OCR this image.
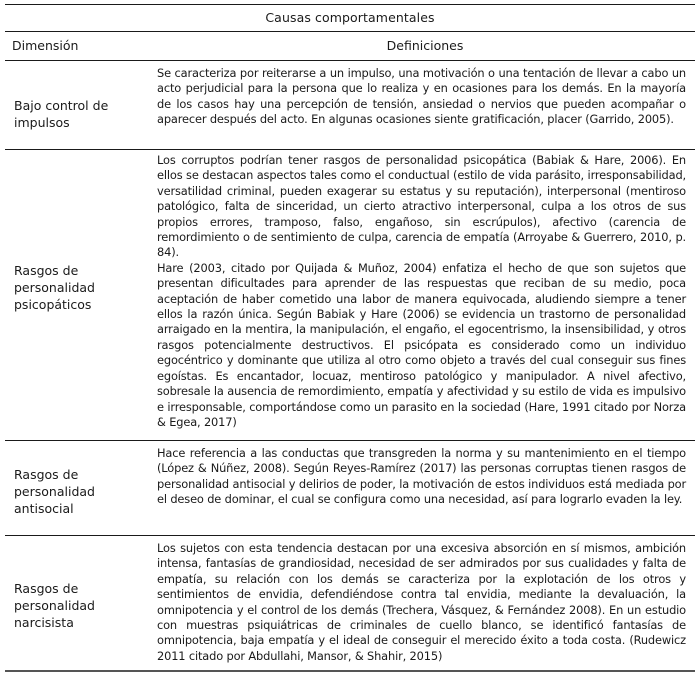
Causas comportamentales
Dimensión	Definiciones
Bajo control de impulsos

Se caracteriza por reiterarse a un impulso, una motivación o una tentación de llevar a cabo un acto perjudicial para la persona que lo realiza y en ocasiones para los demás. En la mayoría de los casos hay una percepción de tensión, ansiedad o nervios que pueden acompañar o aparecer después del acto. En algunas ocasiones siente gratificación, placer (Garrido, 2005).

Rasgos de personalidad psicopáticos

Los corruptos podrían tener rasgos de personalidad psicopática (Babiak & Hare, 2006). En ellos se destacan aspectos tales como el conductual (estilo de vida parásito, irresponsabilidad, versatilidad criminal, pueden exagerar su estatus y su reputación), interpersonal (mentiroso patológico, falta de sinceridad, un cierto atractivo interpersonal, culpa a los otros de sus propios errores, tramposo, falso, engañoso, sin escrúpulos), afectivo (carencia de remordimiento o de sentimiento de culpa, carencia de empatía (Arroyabe & Guerrero, 2010, p. 84).

Hare (2003, citado por Quijada & Muñoz, 2004) enfatiza el hecho de que son sujetos que presentan dificultades para aprender de las respuestas que reciban de su medio, poca aceptación de haber cometido una labor de manera equivocada, aludiendo siempre a tener ellos la razón única. Según Babiak y Hare (2006) se evidencia un trastorno de personalidad arraigado en la mentira, la manipulación, el engaño, el egocentrismo, la insensibilidad, y otros rasgos potencialmente destructivos. El psicópata es considerado como un individuo egocéntrico y dominante que utiliza al otro como objeto a través del cual conseguir sus fines egoístas. Es encantador, locuaz, mentiroso patológico y manipulador. A nivel afectivo, sobresale la ausencia de remordimiento, empatía y afectividad y su estilo de vida es impulsivo e irresponsable, comportándose como un parasito en la sociedad (Hare, 1991 citado por Norza & Egea, 2017)

Rasgos de personalidad antisocial

Hace referencia a las conductas que transgreden la norma y su mantenimiento en el tiempo (López & Núñez, 2008). Según Reyes-Ramírez (2017) las personas corruptas tienen rasgos de personalidad antisocial y delirios de poder, la motivación de estos individuos está mediada por el deseo de dominar, el cual se configura como una necesidad, así para lograrlo evaden la ley.

Rasgos de personalidad narcisista

Los sujetos con esta tendencia destacan por una excesiva absorción en sí mismos, ambición intensa, fantasías de grandiosidad, necesidad de ser admirados por sus cualidades y falta de empatía, su relación con los demás se caracteriza por la explotación de los otros y sentimientos de envidia, defendiéndose contra tal envidia, mediante la devaluación, la omnipotencia y el control de los demás (Trechera, Vásquez, & Fernández 2008). En un estudio con muestras psiquiátricas de criminales de cuello blanco, se identificó fantasías de omnipotencia, baja empatía y el ideal de conseguir el merecido éxito a toda costa. (Rudewicz 2011 citado por Abdullahi, Mansor, & Shahir, 2015)
